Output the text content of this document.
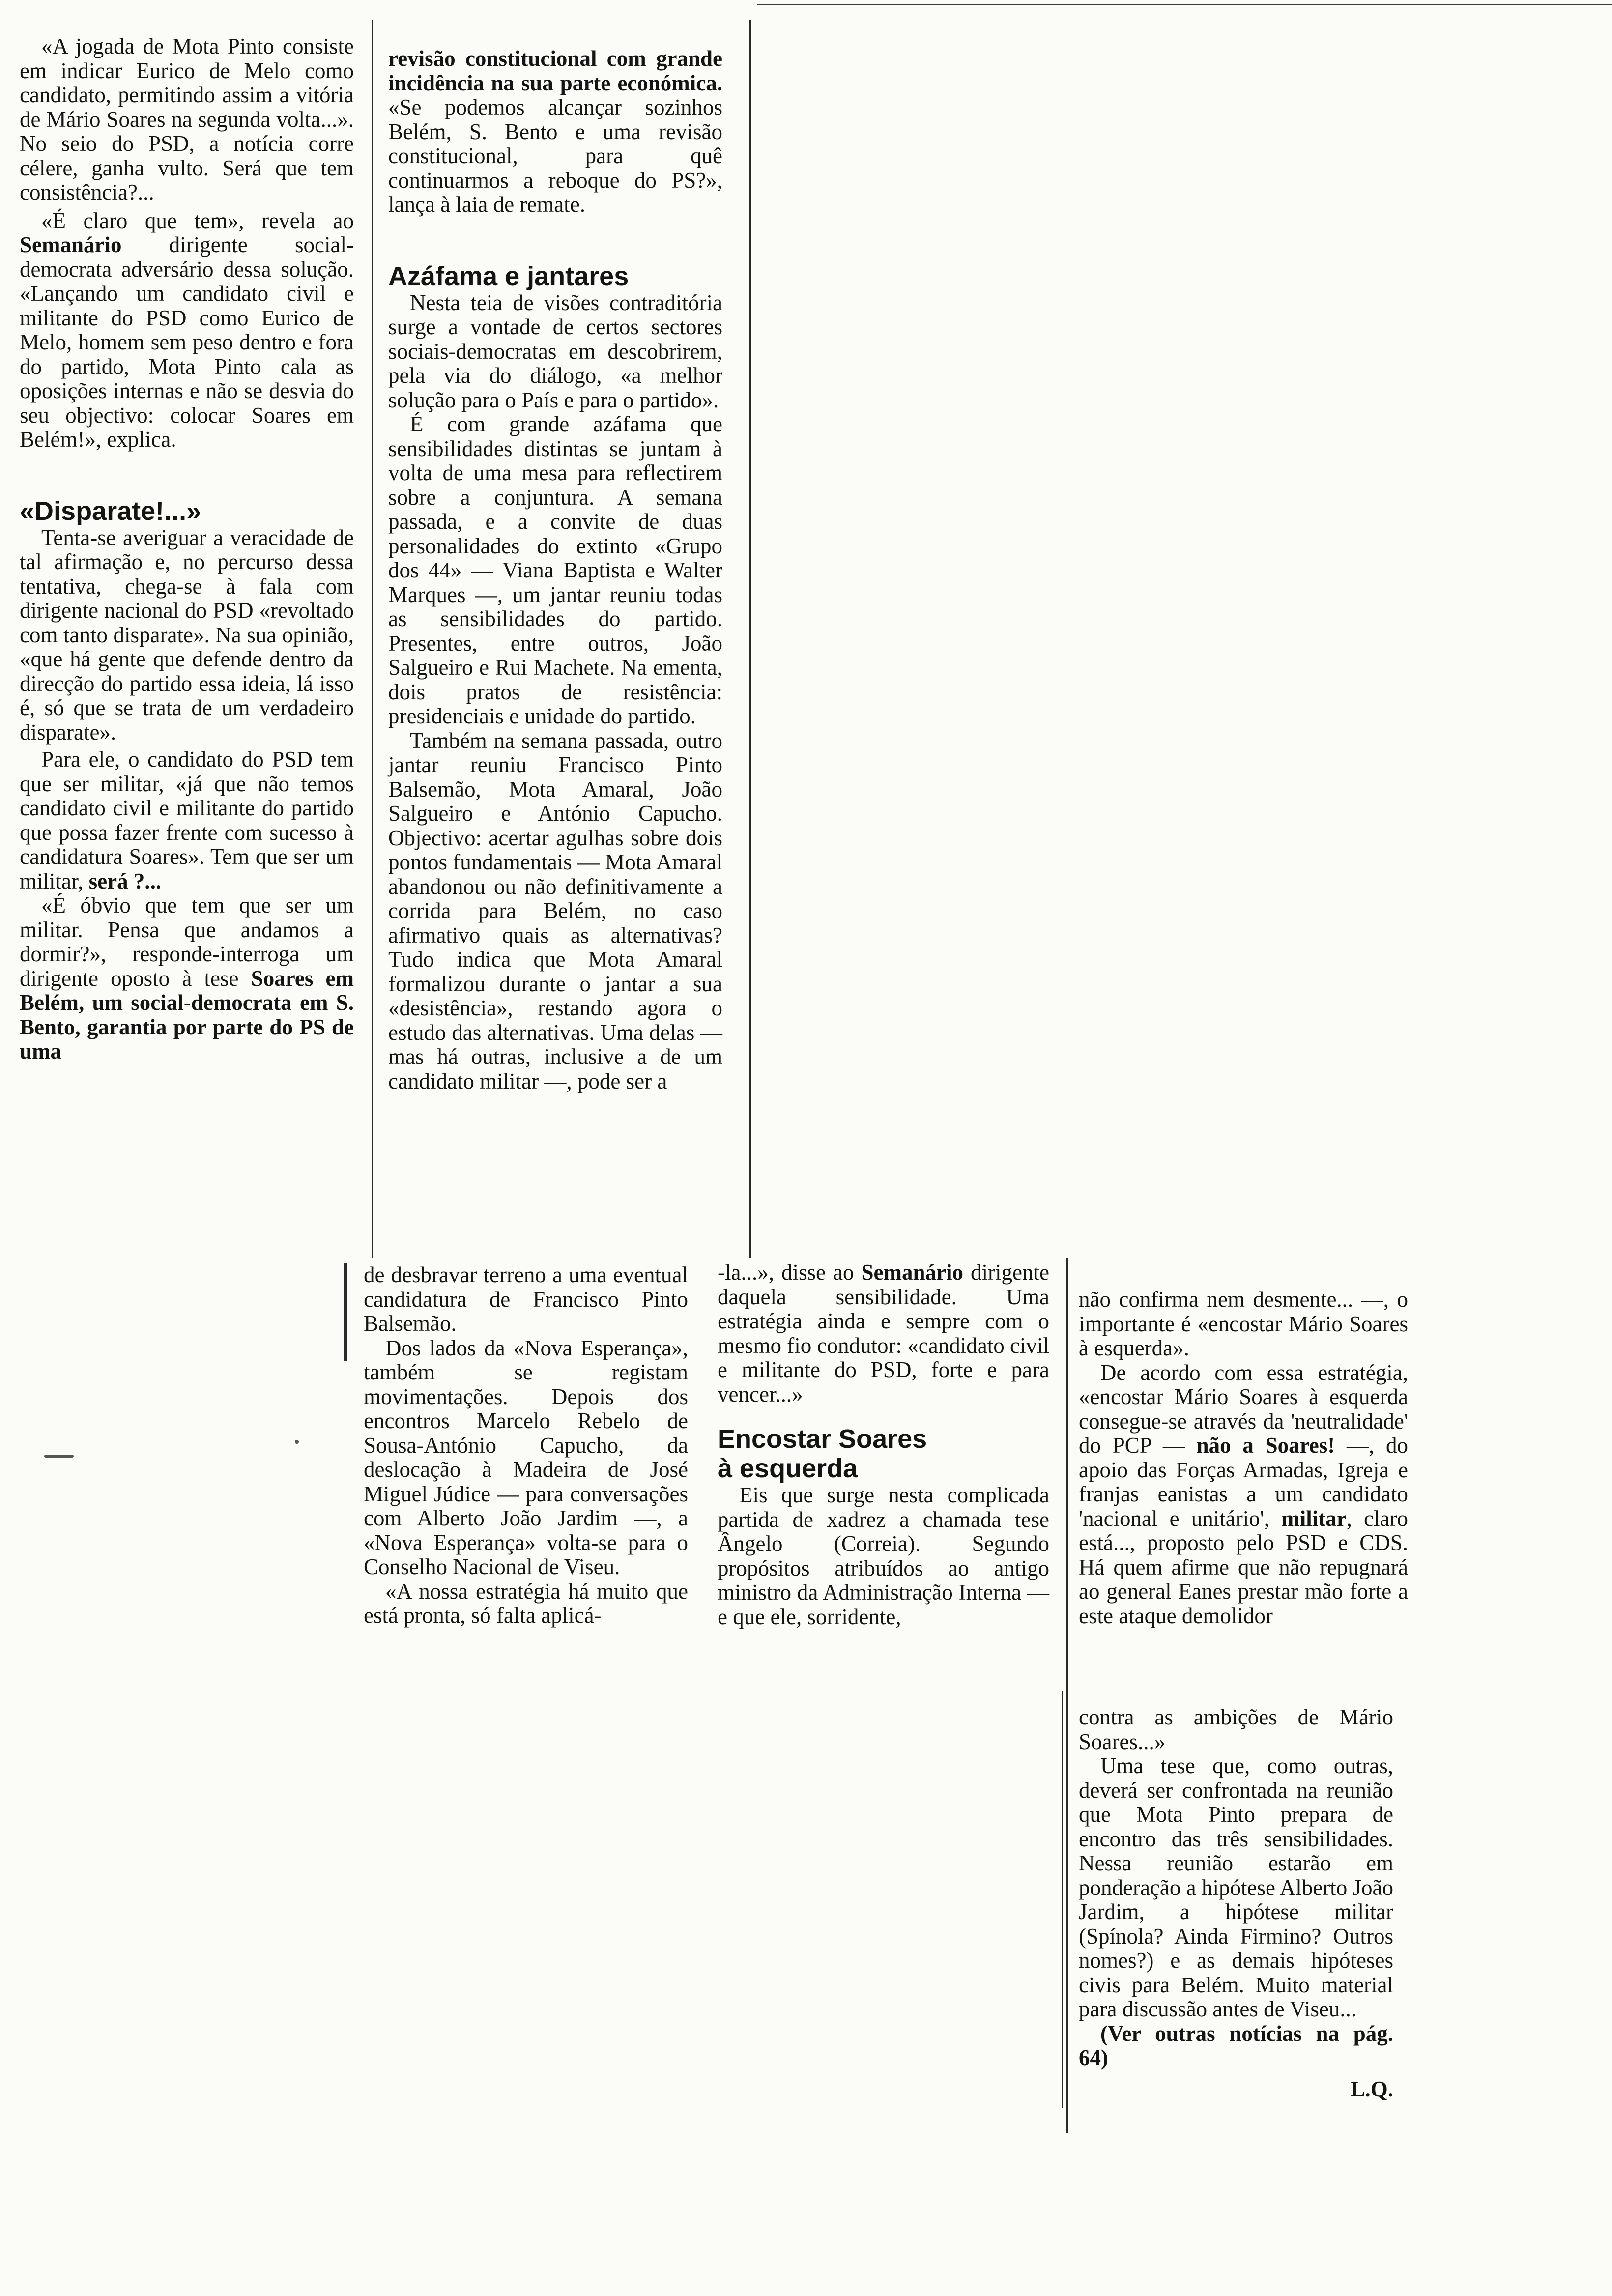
«A jogada de Mota Pinto consiste em indicar Eurico de Melo como candidato, permitindo assim a vitória de Mário Soares na segunda volta...». No seio do PSD, a notícia corre célere, ganha vulto. Será que tem consistência?...

«É claro que tem», revela ao Semanário dirigente social-democrata adversário dessa solução. «Lançando um candidato civil e militante do PSD como Eurico de Melo, homem sem peso dentro e fora do partido, Mota Pinto cala as oposições internas e não se desvia do seu objectivo: colocar Soares em Belém!», explica.

«Disparate!...»

Tenta-se averiguar a veracidade de tal afirmação e, no percurso dessa tentativa, chega-se à fala com dirigente nacional do PSD «revoltado com tanto disparate». Na sua opinião, «que há gente que defende dentro da direcção do partido essa ideia, lá isso é, só que se trata de um verdadeiro disparate».

Para ele, o candidato do PSD tem que ser militar, «já que não temos candidato civil e militante do partido que possa fazer frente com sucesso à candidatura Soares». Tem que ser um militar, será ?...

«É óbvio que tem que ser um militar. Pensa que andamos a dormir?», responde-interroga um dirigente oposto à tese Soares em Belém, um social-democrata em S. Bento, garantia por parte do PS de uma

revisão constitucional com grande incidência na sua parte económica. «Se podemos alcançar sozinhos Belém, S. Bento e uma revisão constitucional, para quê continuarmos a reboque do PS?», lança à laia de remate.

Azáfama e jantares

Nesta teia de visões contraditória surge a vontade de certos sectores sociais-democratas em descobrirem, pela via do diálogo, «a melhor solução para o País e para o partido».

É com grande azáfama que sensibilidades distintas se juntam à volta de uma mesa para reflectirem sobre a conjuntura. A semana passada, e a convite de duas personalidades do extinto «Grupo dos 44» — Viana Baptista e Walter Marques —, um jantar reuniu todas as sensibilidades do partido. Presentes, entre outros, João Salgueiro e Rui Machete. Na ementa, dois pratos de resistência: presidenciais e unidade do partido.

Também na semana passada, outro jantar reuniu Francisco Pinto Balsemão, Mota Amaral, João Salgueiro e António Capucho. Objectivo: acertar agulhas sobre dois pontos fundamentais — Mota Amaral abandonou ou não definitivamente a corrida para Belém, no caso afirmativo quais as alternativas? Tudo indica que Mota Amaral formalizou durante o jantar a sua «desistência», restando agora o estudo das alternativas. Uma delas — mas há outras, inclusive a de um candidato militar —, pode ser a

de desbravar terreno a uma eventual candidatura de Francisco Pinto Balsemão.

Dos lados da «Nova Esperança», também se registam movimentações. Depois dos encontros Marcelo Rebelo de Sousa-António Capucho, da deslocação à Madeira de José Miguel Júdice — para conversações com Alberto João Jardim —, a «Nova Esperança» volta-se para o Conselho Nacional de Viseu.

«A nossa estratégia há muito que está pronta, só falta aplicá-

-la...», disse ao Semanário dirigente daquela sensibilidade. Uma estratégia ainda e sempre com o mesmo fio condutor: «candidato civil e militante do PSD, forte e para vencer...»

Encostar Soares à esquerda

Eis que surge nesta complicada partida de xadrez a chamada tese Ângelo (Correia). Segundo propósitos atribuídos ao antigo ministro da Administração Interna — e que ele, sorridente,

não confirma nem desmente... —, o importante é «encostar Mário Soares à esquerda».

De acordo com essa estratégia, «encostar Mário Soares à esquerda consegue-se através da 'neutralidade' do PCP — não a Soares! —, do apoio das Forças Armadas, Igreja e franjas eanistas a um candidato 'nacional e unitário', militar, claro está..., proposto pelo PSD e CDS. Há quem afirme que não repugnará ao general Eanes prestar mão forte a este ataque demolidor

contra as ambições de Mário Soares...»

Uma tese que, como outras, deverá ser confrontada na reunião que Mota Pinto prepara de encontro das três sensibilidades. Nessa reunião estarão em ponderação a hipótese Alberto João Jardim, a hipótese militar (Spínola? Ainda Firmino? Outros nomes?) e as demais hipóteses civis para Belém. Muito material para discussão antes de Viseu...

(Ver outras notícias na pág. 64)

L.Q.
